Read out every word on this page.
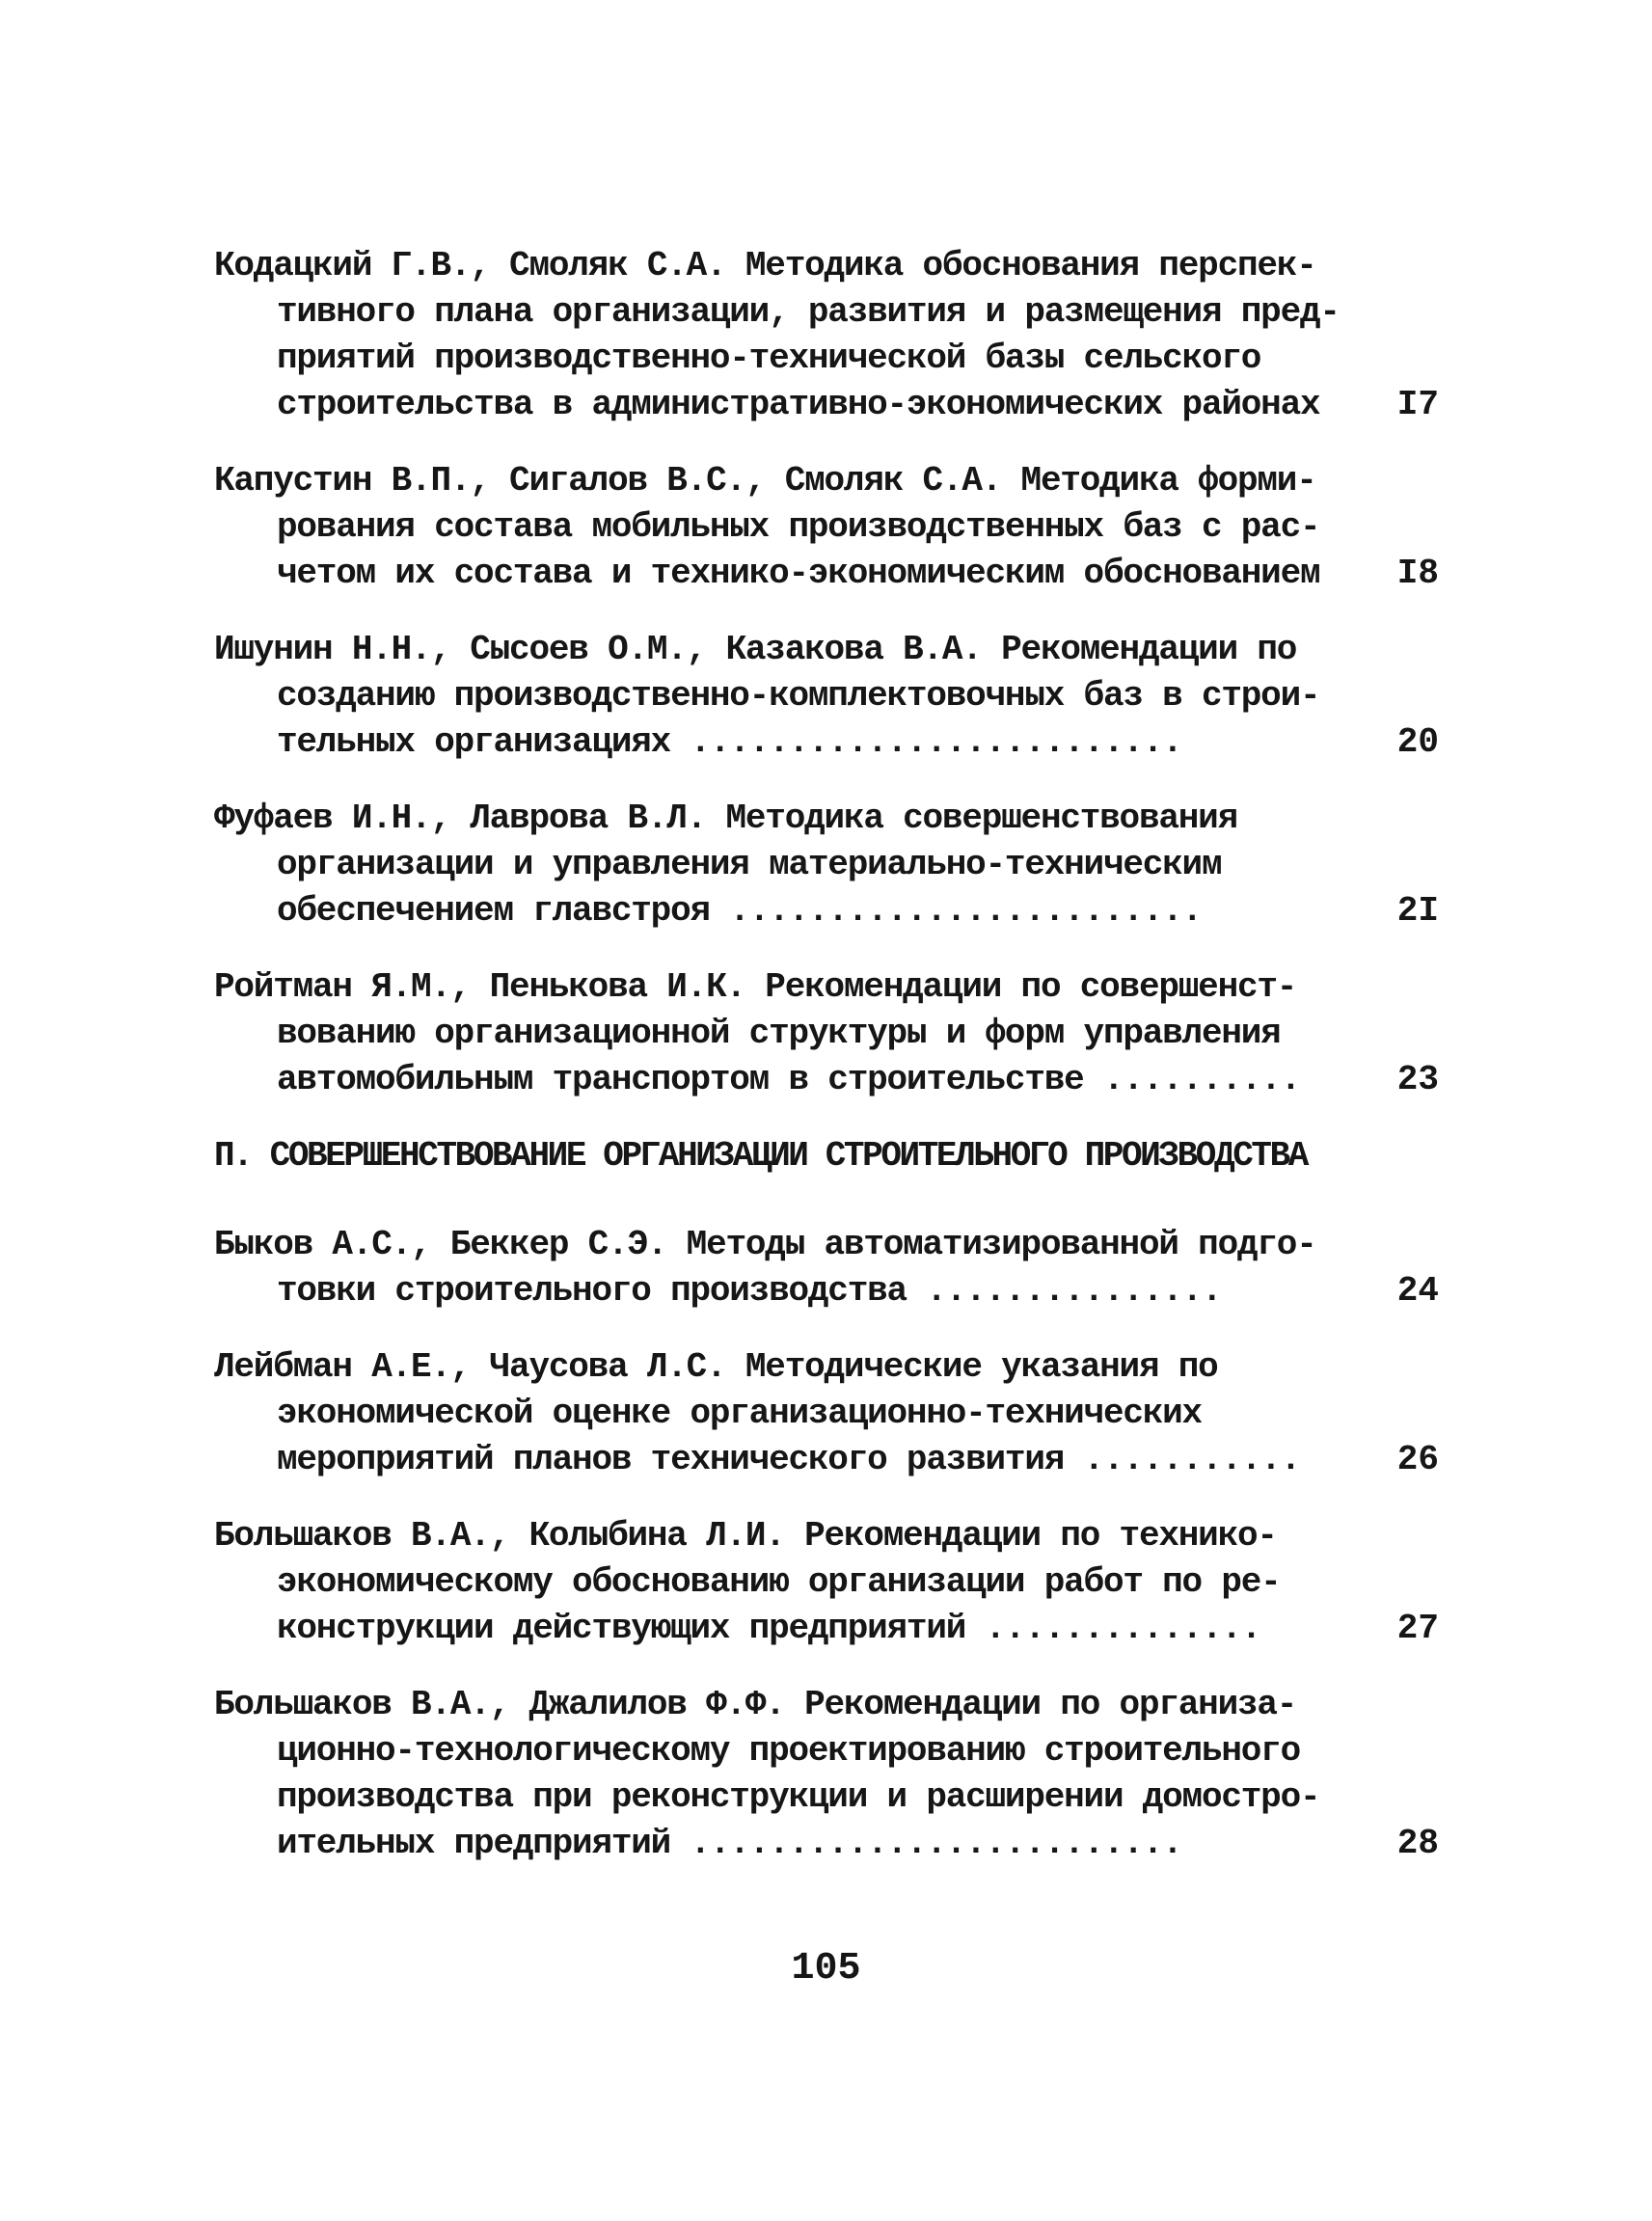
Кодацкий Г.В., Смоляк С.А. Методика обоснования перспек-
тивного плана организации, развития и размещения пред-
приятий производственно-технической базы сельского
строительства в административно-экономических районах	I7
Капустин В.П., Сигалов В.С., Смоляк С.А. Методика форми-
рования состава мобильных производственных баз с рас-
четом их состава и технико-экономическим обоснованием	I8
Ишунин Н.Н., Сысоев О.М., Казакова В.А. Рекомендации по
созданию производственно-комплектовочных баз в строи-
тельных организациях .........................	20
Фуфаев И.Н., Лаврова В.Л. Методика совершенствования
организации и управления материально-техническим
обеспечением главстроя ........................	2I
Ройтман Я.М., Пенькова И.К. Рекомендации по совершенст-
вованию организационной структуры и форм управления
автомобильным транспортом в строительстве ..........	23
П. СОВЕРШЕНСТВОВАНИЕ ОРГАНИЗАЦИИ СТРОИТЕЛЬНОГО ПРОИЗВОДСТВА
Быков А.С., Беккер С.Э. Методы автоматизированной подго-
товки строительного производства ...............	24
Лейбман А.Е., Чаусова Л.С. Методические указания по
экономической оценке организационно-технических
мероприятий планов технического развития ...........	26
Большаков В.А., Колыбина Л.И. Рекомендации по технико-
экономическому обоснованию организации работ по ре-
конструкции действующих предприятий ..............	27
Большаков В.А., Джалилов Ф.Ф. Рекомендации по организа-
ционно-технологическому проектированию строительного
производства при реконструкции и расширении домостро-
ительных предприятий .........................	28
105
